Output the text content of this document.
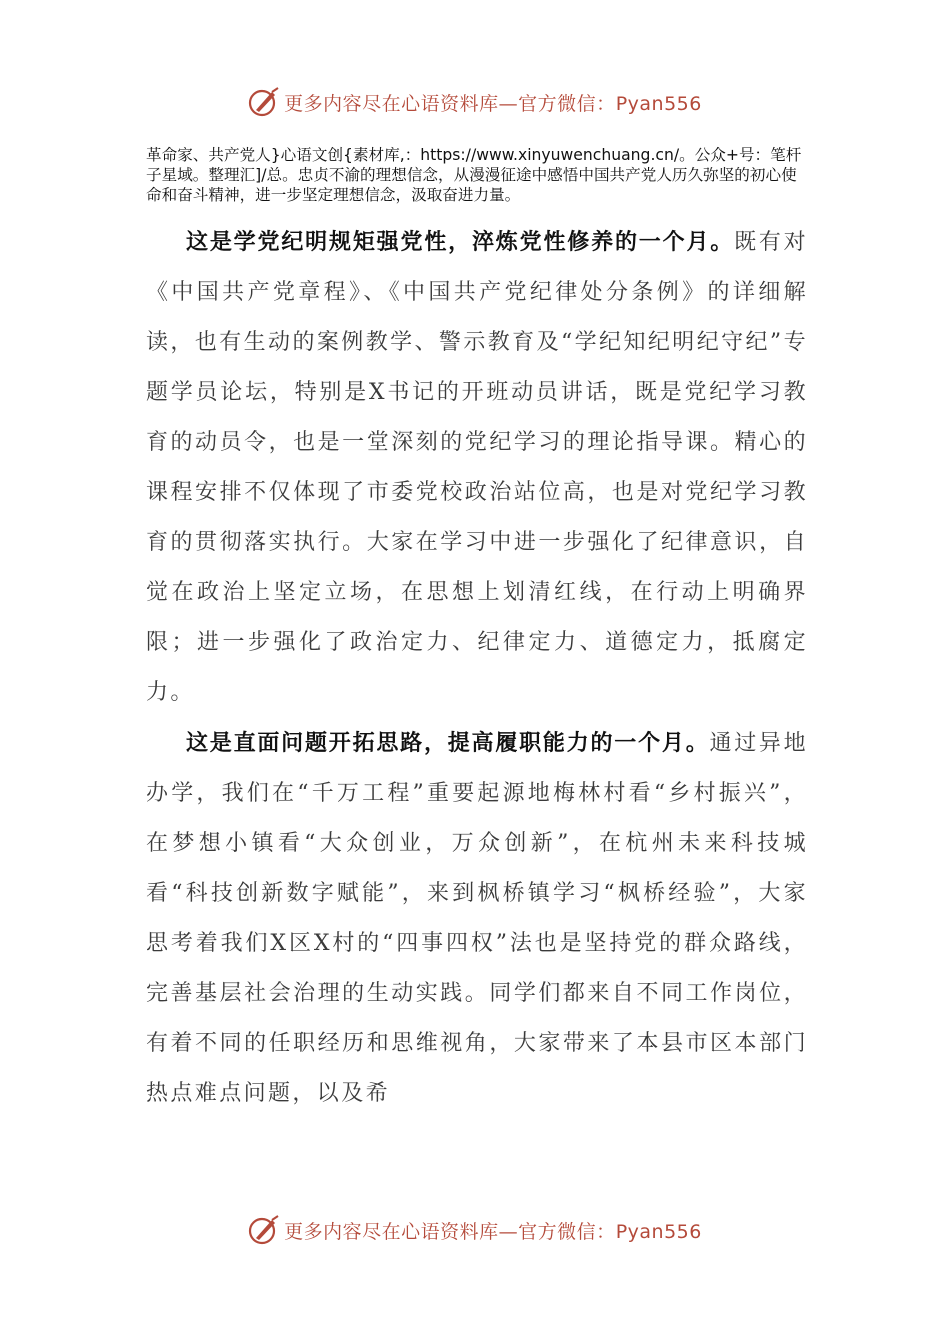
更多内容尽在心语资料库—官方微信：Pyan556

革命家、共产党人}心语文创{素材库,：https://www.xinyuwenchuang.cn/。公众+号：笔杆子星域。整理汇]/总。忠贞不渝的理想信念，从漫漫征途中感悟中国共产党人历久弥坚的初心使命和奋斗精神，进一步坚定理想信念，汲取奋进力量。

这是学党纪明规矩强党性，淬炼党性修养的一个月。既有对《中国共产党章程》、《中国共产党纪律处分条例》的详细解读，也有生动的案例教学、警示教育及“学纪知纪明纪守纪”专题学员论坛，特别是X书记的开班动员讲话，既是党纪学习教育的动员令，也是一堂深刻的党纪学习的理论指导课。精心的课程安排不仅体现了市委党校政治站位高，也是对党纪学习教育的贯彻落实执行。大家在学习中进一步强化了纪律意识，自觉在政治上坚定立场，在思想上划清红线，在行动上明确界限；进一步强化了政治定力、纪律定力、道德定力，抵腐定力。

这是直面问题开拓思路，提高履职能力的一个月。通过异地办学，我们在“千万工程”重要起源地梅林村看“乡村振兴”，在梦想小镇看“大众创业，万众创新”，在杭州未来科技城看“科技创新数字赋能”，来到枫桥镇学习“枫桥经验”，大家思考着我们X区X村的“四事四权”法也是坚持党的群众路线，完善基层社会治理的生动实践。同学们都来自不同工作岗位，有着不同的任职经历和思维视角，大家带来了本县市区本部门热点难点问题，以及希

更多内容尽在心语资料库—官方微信：Pyan556
